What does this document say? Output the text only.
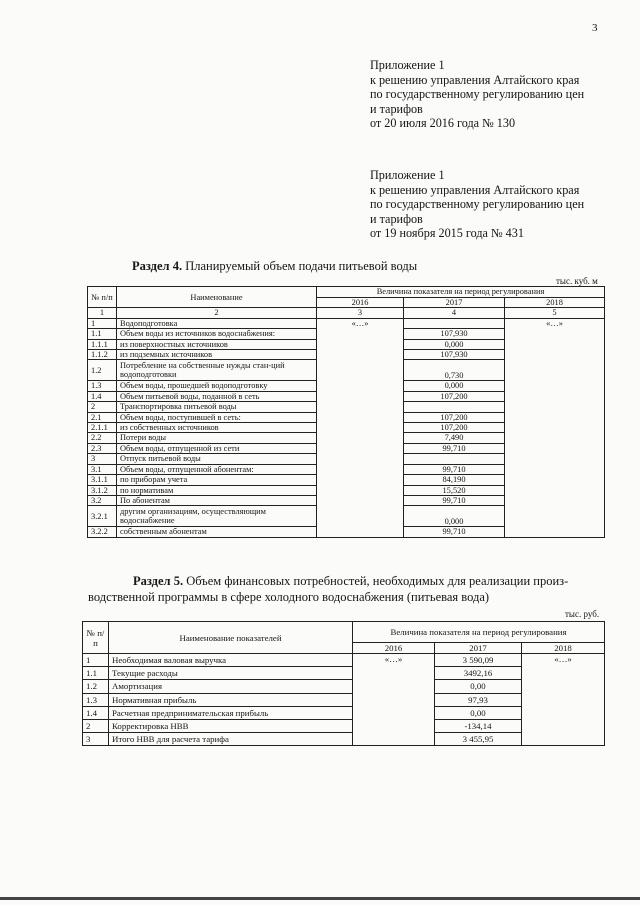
3
Приложение 1
к решению управления Алтайского края
по государственному регулированию цен
и тарифов
от 20 июля 2016 года № 130
Приложение 1
к решению управления Алтайского края
по государственному регулированию цен
и тарифов
от 19 ноября 2015 года № 431
Раздел 4. Планируемый объем подачи питьевой воды
тыс. куб. м
№ п/п	Наименование	Величина показателя на период регулирования		
		2016	2017	2018
1	2	3	4	5
1	Водоподготовка	«…»		«…»
1.1	Объем воды из источников водоснабжения:		107,930	
1.1.1	из поверхностных источников		0,000	
1.1.2	из подземных источников		107,930	
1.2	Потребление на собственные нужды стан-ций водоподготовки		0,730	
1.3	Объем воды, прошедшей водоподготовку		0,000	
1.4	Объем питьевой воды, поданной в сеть		107,200	
2	Транспортировка питьевой воды			
2.1	Объем воды, поступившей в сеть:		107,200	
2.1.1	из собственных источников		107,200	
2.2	Потери воды		7,490	
2.3	Объем воды, отпущенной из сети		99,710	
3	Отпуск питьевой воды			
3.1	Объем воды, отпущенной абонентам:		99,710	
3.1.1	по приборам учета		84,190	
3.1.2	по нормативам		15,520	
3.2	По абонентам		99,710	
3.2.1	другим организациям, осуществляющим водоснабжение		0,000	
3.2.2	собственным абонентам		99,710	
Раздел 5. Объем финансовых потребностей, необходимых для реализации произ-
водственной программы в сфере холодного водоснабжения (питьевая вода)
тыс. руб.
№ п/п	Наименование показателей	Величина показателя на период регулирования		
		2016	2017	2018
1	Необходимая валовая выручка	«…»	3 590,09	«…»
1.1	Текущие расходы		3492,16	
1.2	Амортизация		0,00	
1.3	Нормативная прибыль		97,93	
1.4	Расчетная предпринимательская прибыль		0,00	
2	Корректировка НВВ		-134,14	
3	Итого НВВ для расчета тарифа		3 455,95	
